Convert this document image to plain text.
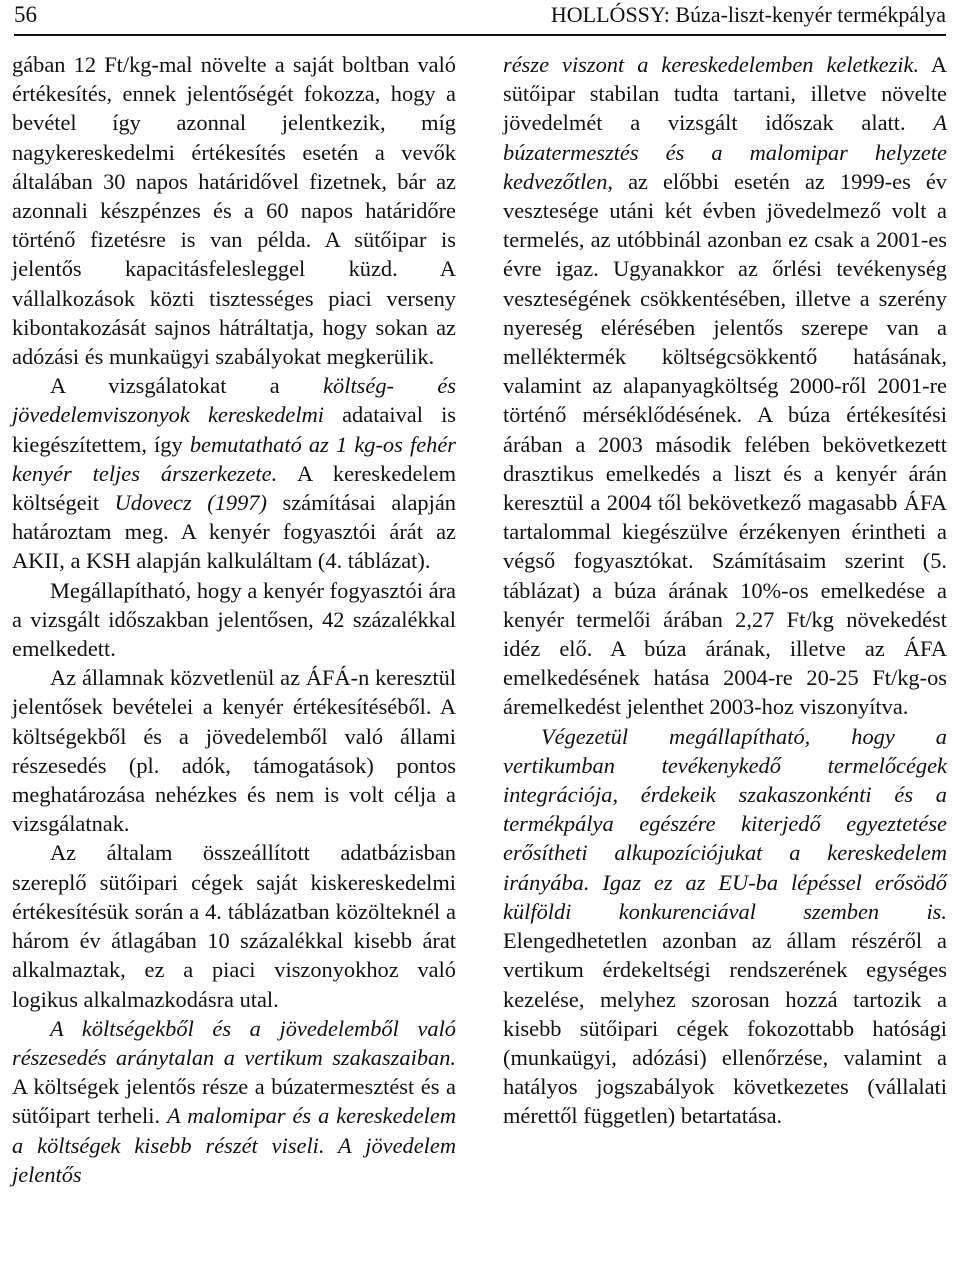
56	HOLLÓSSY: Búza-liszt-kenyér termékpálya

gában 12 Ft/kg-mal növelte a saját boltban való értékesítés, ennek jelentőségét fokozza, hogy a bevétel így azonnal jelentkezik, míg nagykereskedelmi értékesítés esetén a vevők általában 30 napos határidővel fizetnek, bár az azonnali készpénzes és a 60 napos határidőre történő fizetésre is van példa. A sütőipar is jelentős kapacitásfelesleggel küzd. A vállalkozások közti tisztességes piaci verseny kibontakozását sajnos hátráltatja, hogy sokan az adózási és munkaügyi szabályokat megkerülik.

A vizsgálatokat a költség- és jövedelemviszonyok kereskedelmi adataival is kiegészítettem, így bemutatható az 1 kg-os fehér kenyér teljes árszerkezete. A kereskedelem költségeit Udovecz (1997) számításai alapján határoztam meg. A kenyér fogyasztói árát az AKII, a KSH alapján kalkuláltam (4. táblázat).

Megállapítható, hogy a kenyér fogyasztói ára a vizsgált időszakban jelentősen, 42 százalékkal emelkedett.

Az államnak közvetlenül az ÁFÁ-n keresztül jelentősek bevételei a kenyér értékesítéséből. A költségekből és a jövedelemből való állami részesedés (pl. adók, támogatások) pontos meghatározása nehézkes és nem is volt célja a vizsgálatnak.

Az általam összeállított adatbázisban szereplő sütőipari cégek saját kiskereskedelmi értékesítésük során a 4. táblázatban közölteknél a három év átlagában 10 százalékkal kisebb árat alkalmaztak, ez a piaci viszonyokhoz való logikus alkalmazkodásra utal.

A költségekből és a jövedelemből való részesedés aránytalan a vertikum szakaszaiban. A költségek jelentős része a búzatermesztést és a sütőipart terheli. A malomipar és a kereskedelem a költségek kisebb részét viseli. A jövedelem jelentős

része viszont a kereskedelemben keletkezik. A sütőipar stabilan tudta tartani, illetve növelte jövedelmét a vizsgált időszak alatt. A búzatermesztés és a malomipar helyzete kedvezőtlen, az előbbi esetén az 1999-es év vesztesége utáni két évben jövedelmező volt a termelés, az utóbbinál azonban ez csak a 2001-es évre igaz. Ugyanakkor az őrlési tevékenység veszteségének csökkentésében, illetve a szerény nyereség elérésében jelentős szerepe van a melléktermék költségcsökkentő hatásának, valamint az alapanyagköltség 2000-ről 2001-re történő mérséklődésének. A búza értékesítési árában a 2003 második felében bekövetkezett drasztikus emelkedés a liszt és a kenyér árán keresztül a 2004 től bekövetkező magasabb ÁFA tartalommal kiegészülve érzékenyen érintheti a végső fogyasztókat. Számításaim szerint (5. táblázat) a búza árának 10%-os emelkedése a kenyér termelői árában 2,27 Ft/kg növekedést idéz elő. A búza árának, illetve az ÁFA emelkedésének hatása 2004-re 20-25 Ft/kg-os áremelkedést jelenthet 2003-hoz viszonyítva.

Végezetül megállapítható, hogy a vertikumban tevékenykedő termelőcégek integrációja, érdekeik szakaszonkénti és a termékpálya egészére kiterjedő egyeztetése erősítheti alkupozíciójukat a kereskedelem irányába. Igaz ez az EU-ba lépéssel erősödő külföldi konkurenciával szemben is. Elengedhetetlen azonban az állam részéről a vertikum érdekeltségi rendszerének egységes kezelése, melyhez szorosan hozzá tartozik a kisebb sütőipari cégek fokozottabb hatósági (munkaügyi, adózási) ellenőrzése, valamint a hatályos jogszabályok következetes (vállalati mérettől független) betartatása.
